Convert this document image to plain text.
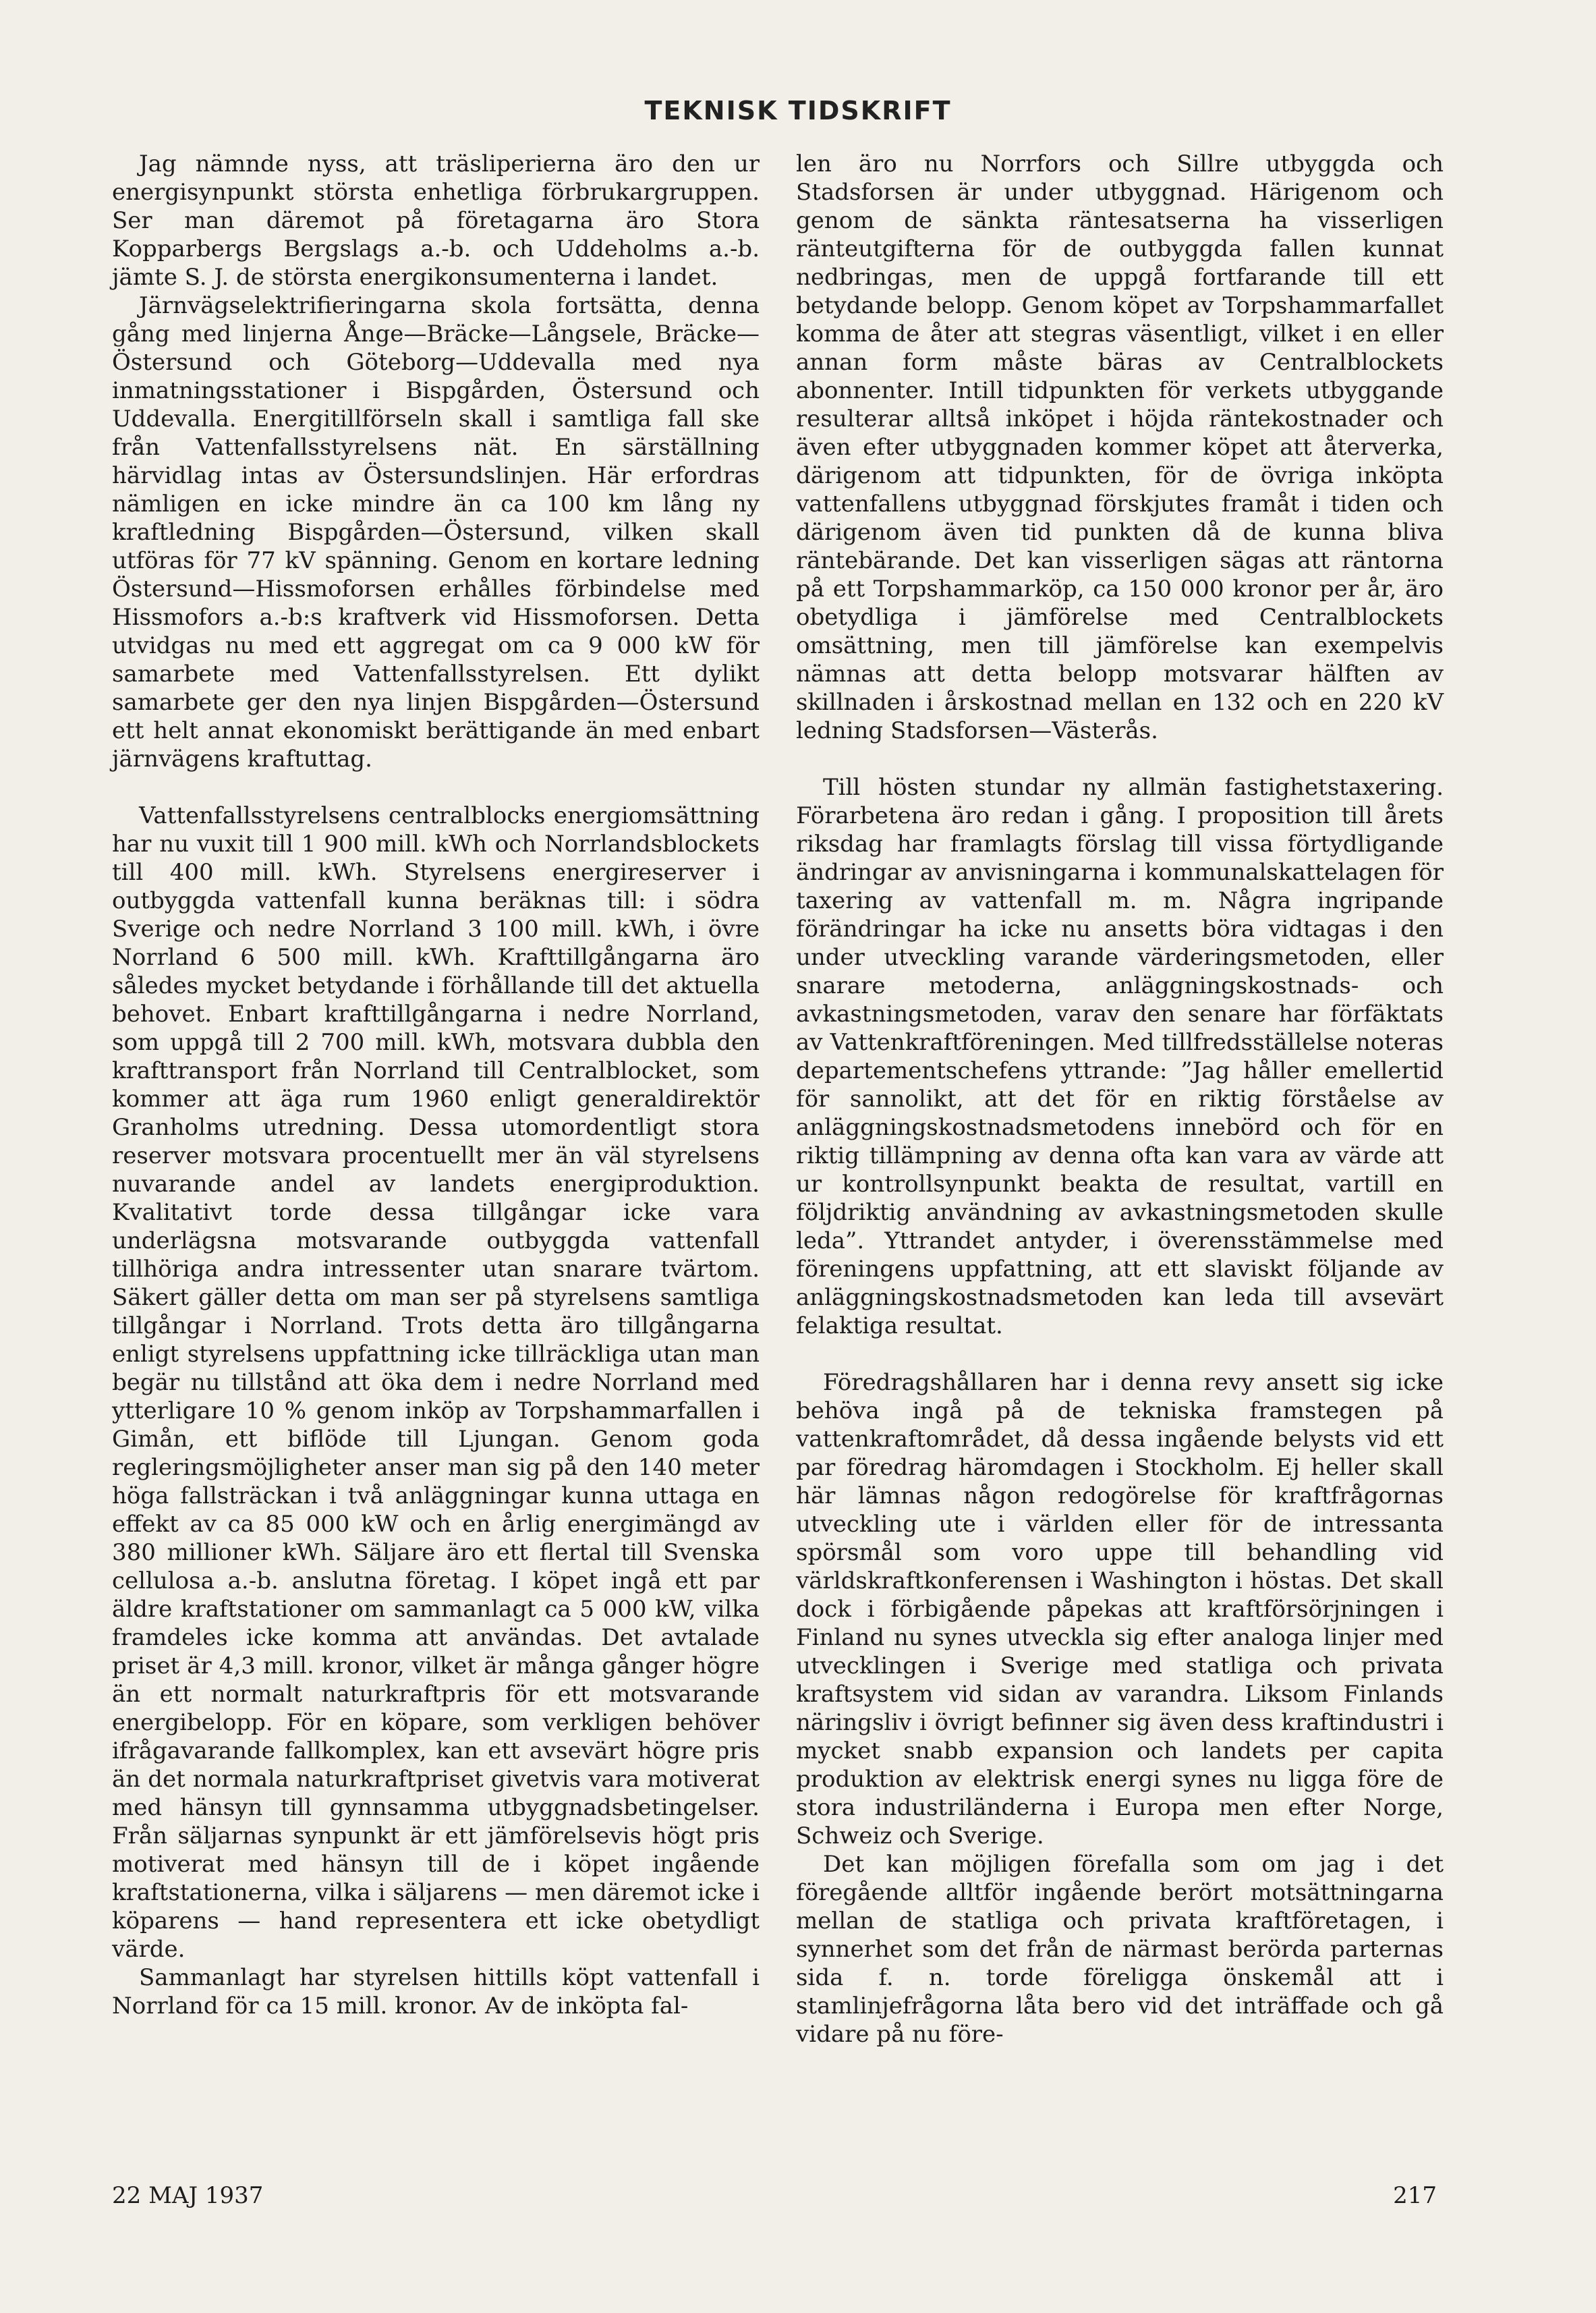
TEKNISK TIDSKRIFT

Jag nämnde nyss, att träsliperierna äro den ur energisynpunkt största enhetliga förbrukargruppen. Ser man däremot på företagarna äro Stora Kopparbergs Bergslags a.-b. och Uddeholms a.-b. jämte S. J. de största energikonsumenterna i landet.

Järnvägselektrifieringarna skola fortsätta, denna gång med linjerna Ånge—Bräcke—Långsele, Bräcke—Östersund och Göteborg—Uddevalla med nya inmatningsstationer i Bispgården, Östersund och Uddevalla. Energitillförseln skall i samtliga fall ske från Vattenfallsstyrelsens nät. En särställning härvidlag intas av Östersundslinjen. Här erfordras nämligen en icke mindre än ca 100 km lång ny kraftledning Bispgården—Östersund, vilken skall utföras för 77 kV spänning. Genom en kortare ledning Östersund—Hissmoforsen erhålles förbindelse med Hissmofors a.-b:s kraftverk vid Hissmoforsen. Detta utvidgas nu med ett aggregat om ca 9 000 kW för samarbete med Vattenfallsstyrelsen. Ett dylikt samarbete ger den nya linjen Bispgården—Östersund ett helt annat ekonomiskt berättigande än med enbart järnvägens kraftuttag.

Vattenfallsstyrelsens centralblocks energiomsättning har nu vuxit till 1 900 mill. kWh och Norrlandsblockets till 400 mill. kWh. Styrelsens energireserver i outbyggda vattenfall kunna beräknas till: i södra Sverige och nedre Norrland 3 100 mill. kWh, i övre Norrland 6 500 mill. kWh. Krafttillgångarna äro således mycket betydande i förhållande till det aktuella behovet. Enbart krafttillgångarna i nedre Norrland, som uppgå till 2 700 mill. kWh, motsvara dubbla den krafttransport från Norrland till Centralblocket, som kommer att äga rum 1960 enligt generaldirektör Granholms utredning. Dessa utomordentligt stora reserver motsvara procentuellt mer än väl styrelsens nuvarande andel av landets energiproduktion. Kvalitativt torde dessa tillgångar icke vara underlägsna motsvarande outbyggda vattenfall tillhöriga andra intressenter utan snarare tvärtom. Säkert gäller detta om man ser på styrelsens samtliga tillgångar i Norrland. Trots detta äro tillgångarna enligt styrelsens uppfattning icke tillräckliga utan man begär nu tillstånd att öka dem i nedre Norrland med ytterligare 10 % genom inköp av Torpshammarfallen i Gimån, ett biflöde till Ljungan. Genom goda regleringsmöjligheter anser man sig på den 140 meter höga fallsträckan i två anläggningar kunna uttaga en effekt av ca 85 000 kW och en årlig energimängd av 380 millioner kWh. Säljare äro ett flertal till Svenska cellulosa a.-b. anslutna företag. I köpet ingå ett par äldre kraftstationer om sammanlagt ca 5 000 kW, vilka framdeles icke komma att användas. Det avtalade priset är 4,3 mill. kronor, vilket är många gånger högre än ett normalt naturkraftpris för ett motsvarande energibelopp. För en köpare, som verkligen behöver ifrågavarande fallkomplex, kan ett avsevärt högre pris än det normala naturkraftpriset givetvis vara motiverat med hänsyn till gynnsamma utbyggnadsbetingelser. Från säljarnas synpunkt är ett jämförelsevis högt pris motiverat med hänsyn till de i köpet ingående kraftstationerna, vilka i säljarens — men däremot icke i köparens — hand representera ett icke obetydligt värde.

Sammanlagt har styrelsen hittills köpt vattenfall i Norrland för ca 15 mill. kronor. Av de inköpta fal-

len äro nu Norrfors och Sillre utbyggda och Stadsforsen är under utbyggnad. Härigenom och genom de sänkta räntesatserna ha visserligen ränteutgifterna för de outbyggda fallen kunnat nedbringas, men de uppgå fortfarande till ett betydande belopp. Genom köpet av Torpshammarfallet komma de åter att stegras väsentligt, vilket i en eller annan form måste bäras av Centralblockets abonnenter. Intill tidpunkten för verkets utbyggande resulterar alltså inköpet i höjda räntekostnader och även efter utbyggnaden kommer köpet att återverka, därigenom att tidpunkten, för de övriga inköpta vattenfallens utbyggnad förskjutes framåt i tiden och därigenom även tid punkten då de kunna bliva räntebärande. Det kan visserligen sägas att räntorna på ett Torpshammarköp, ca 150 000 kronor per år, äro obetydliga i jämförelse med Centralblockets omsättning, men till jämförelse kan exempelvis nämnas att detta belopp motsvarar hälften av skillnaden i årskostnad mellan en 132 och en 220 kV ledning Stadsforsen—Västerås.

Till hösten stundar ny allmän fastighetstaxering. Förarbetena äro redan i gång. I proposition till årets riksdag har framlagts förslag till vissa förtydligande ändringar av anvisningarna i kommunalskattelagen för taxering av vattenfall m. m. Några ingripande förändringar ha icke nu ansetts böra vidtagas i den under utveckling varande värderingsmetoden, eller snarare metoderna, anläggningskostnads- och avkastningsmetoden, varav den senare har förfäktats av Vattenkraftföreningen. Med tillfredsställelse noteras departementschefens yttrande: ”Jag håller emellertid för sannolikt, att det för en riktig förståelse av anläggningskostnadsmetodens innebörd och för en riktig tillämpning av denna ofta kan vara av värde att ur kontrollsynpunkt beakta de resultat, vartill en följdriktig användning av avkastningsmetoden skulle leda”. Yttrandet antyder, i överensstämmelse med föreningens uppfattning, att ett slaviskt följande av anläggningskostnadsmetoden kan leda till avsevärt felaktiga resultat.

Föredragshållaren har i denna revy ansett sig icke behöva ingå på de tekniska framstegen på vattenkraftområdet, då dessa ingående belysts vid ett par föredrag häromdagen i Stockholm. Ej heller skall här lämnas någon redogörelse för kraftfrågornas utveckling ute i världen eller för de intressanta spörsmål som voro uppe till behandling vid världskraftkonferensen i Washington i höstas. Det skall dock i förbigående påpekas att kraftförsörjningen i Finland nu synes utveckla sig efter analoga linjer med utvecklingen i Sverige med statliga och privata kraftsystem vid sidan av varandra. Liksom Finlands näringsliv i övrigt befinner sig även dess kraftindustri i mycket snabb expansion och landets per capita produktion av elektrisk energi synes nu ligga före de stora industriländerna i Europa men efter Norge, Schweiz och Sverige.

Det kan möjligen förefalla som om jag i det föregående alltför ingående berört motsättningarna mellan de statliga och privata kraftföretagen, i synnerhet som det från de närmast berörda parternas sida f. n. torde föreligga önskemål att i stamlinjefrågorna låta bero vid det inträffade och gå vidare på nu före-

22 MAJ 1937	217
